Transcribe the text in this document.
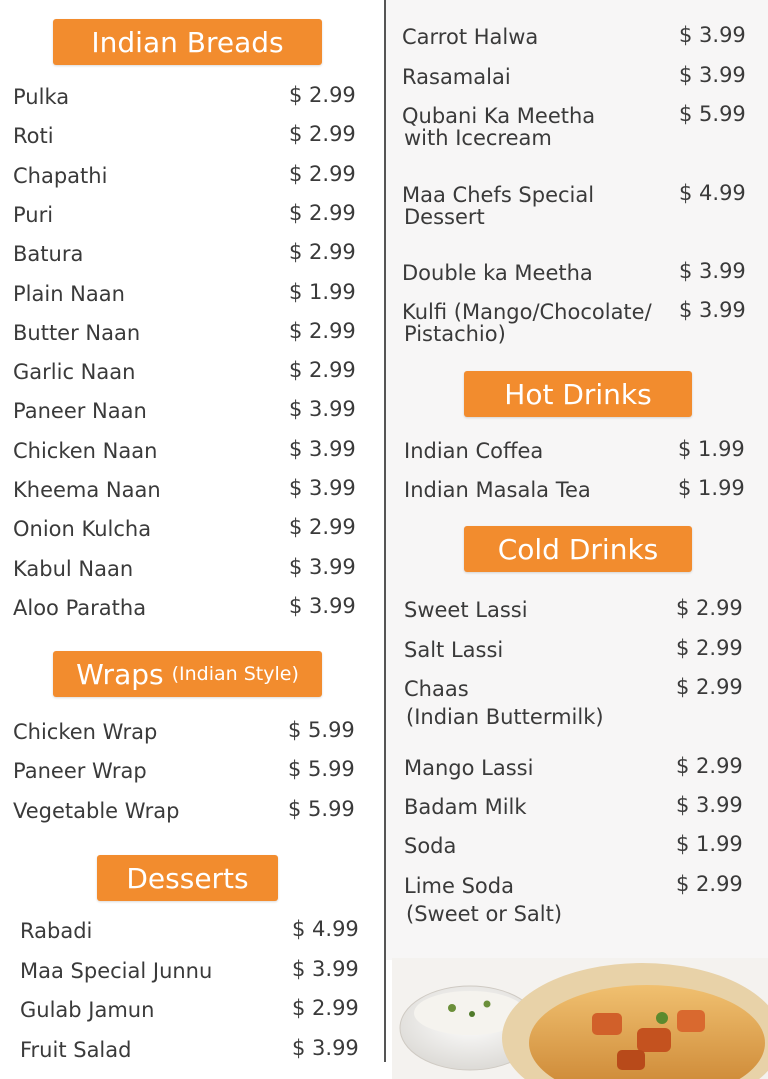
Indian Breads
Pulka	$ 2.99
Roti	$ 2.99
Chapathi	$ 2.99
Puri	$ 2.99
Batura	$ 2.99
Plain Naan	$ 1.99
Butter Naan	$ 2.99
Garlic Naan	$ 2.99
Paneer Naan	$ 3.99
Chicken Naan	$ 3.99
Kheema Naan	$ 3.99
Onion Kulcha	$ 2.99
Kabul Naan	$ 3.99
Aloo Paratha	$ 3.99
Wraps (Indian Style)
Chicken Wrap	$ 5.99
Paneer Wrap	$ 5.99
Vegetable Wrap	$ 5.99
Desserts
Rabadi	$ 4.99
Maa Special Junnu	$ 3.99
Gulab Jamun	$ 2.99
Fruit Salad	$ 3.99
Carrot Halwa	$ 3.99
Rasamalai	$ 3.99
Qubani Ka Meetha
with Icecream
$ 5.99
Maa Chefs Special
Dessert
$ 4.99
Double ka Meetha	$ 3.99
Kulfi (Mango/Chocolate/
Pistachio)
$ 3.99
Hot Drinks
Indian Coffea	$ 1.99
Indian Masala Tea	$ 1.99
Cold Drinks
Sweet Lassi	$ 2.99
Salt Lassi	$ 2.99
Chaas
(Indian Buttermilk)
$ 2.99
Mango Lassi	$ 2.99
Badam Milk	$ 3.99
Soda	$ 1.99
Lime Soda
(Sweet or Salt)
$ 2.99
